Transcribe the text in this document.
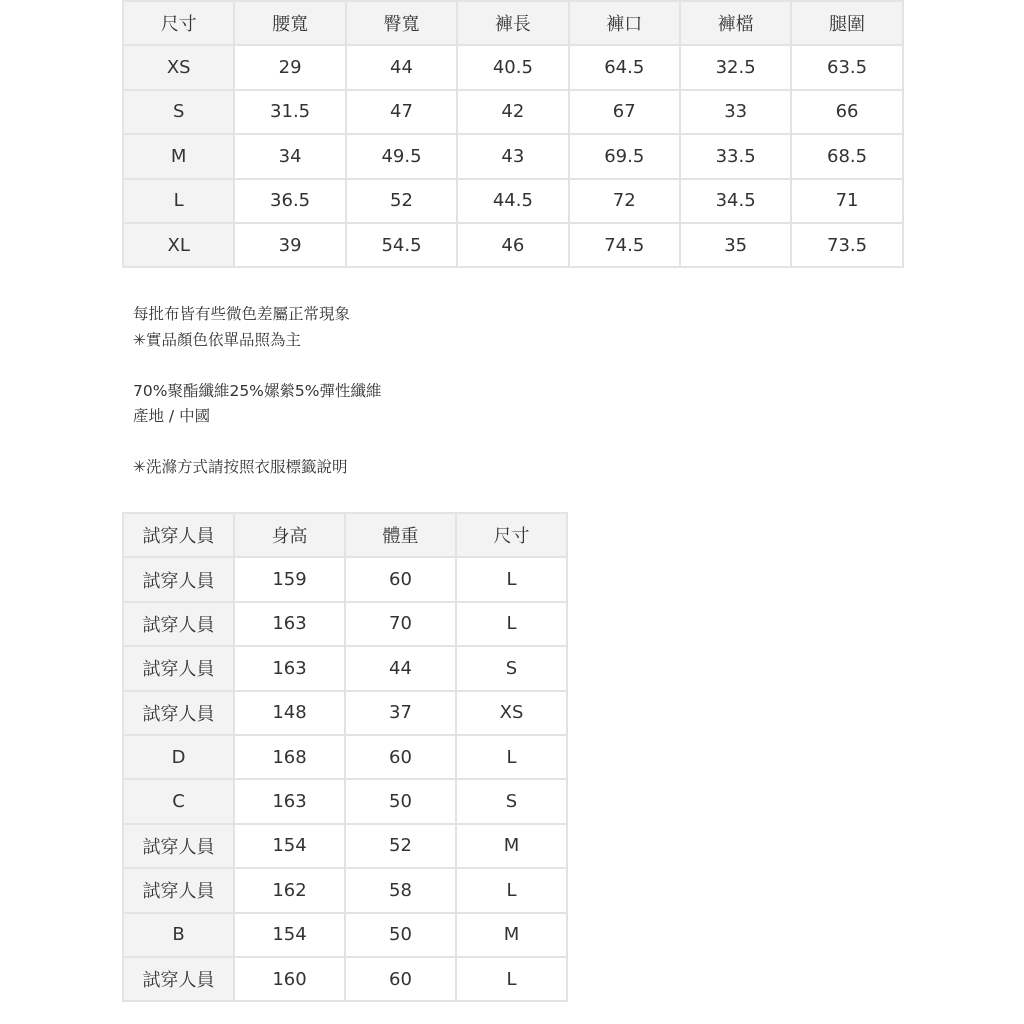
尺寸	腰寬	臀寬	褲長	褲口	褲檔	腿圍
XS	29	44	40.5	64.5	32.5	63.5
S	31.5	47	42	67	33	66
M	34	49.5	43	69.5	33.5	68.5
L	36.5	52	44.5	72	34.5	71
XL	39	54.5	46	74.5	35	73.5
每批布皆有些微色差屬正常現象
✳實品顏色依單品照為主
70%聚酯纖維25%嫘縈5%彈性纖維
產地 / 中國
✳洗滌方式請按照衣服標籤說明
試穿人員	身高	體重	尺寸
試穿人員	159	60	L
試穿人員	163	70	L
試穿人員	163	44	S
試穿人員	148	37	XS
D	168	60	L
C	163	50	S
試穿人員	154	52	M
試穿人員	162	58	L
B	154	50	M
試穿人員	160	60	L
